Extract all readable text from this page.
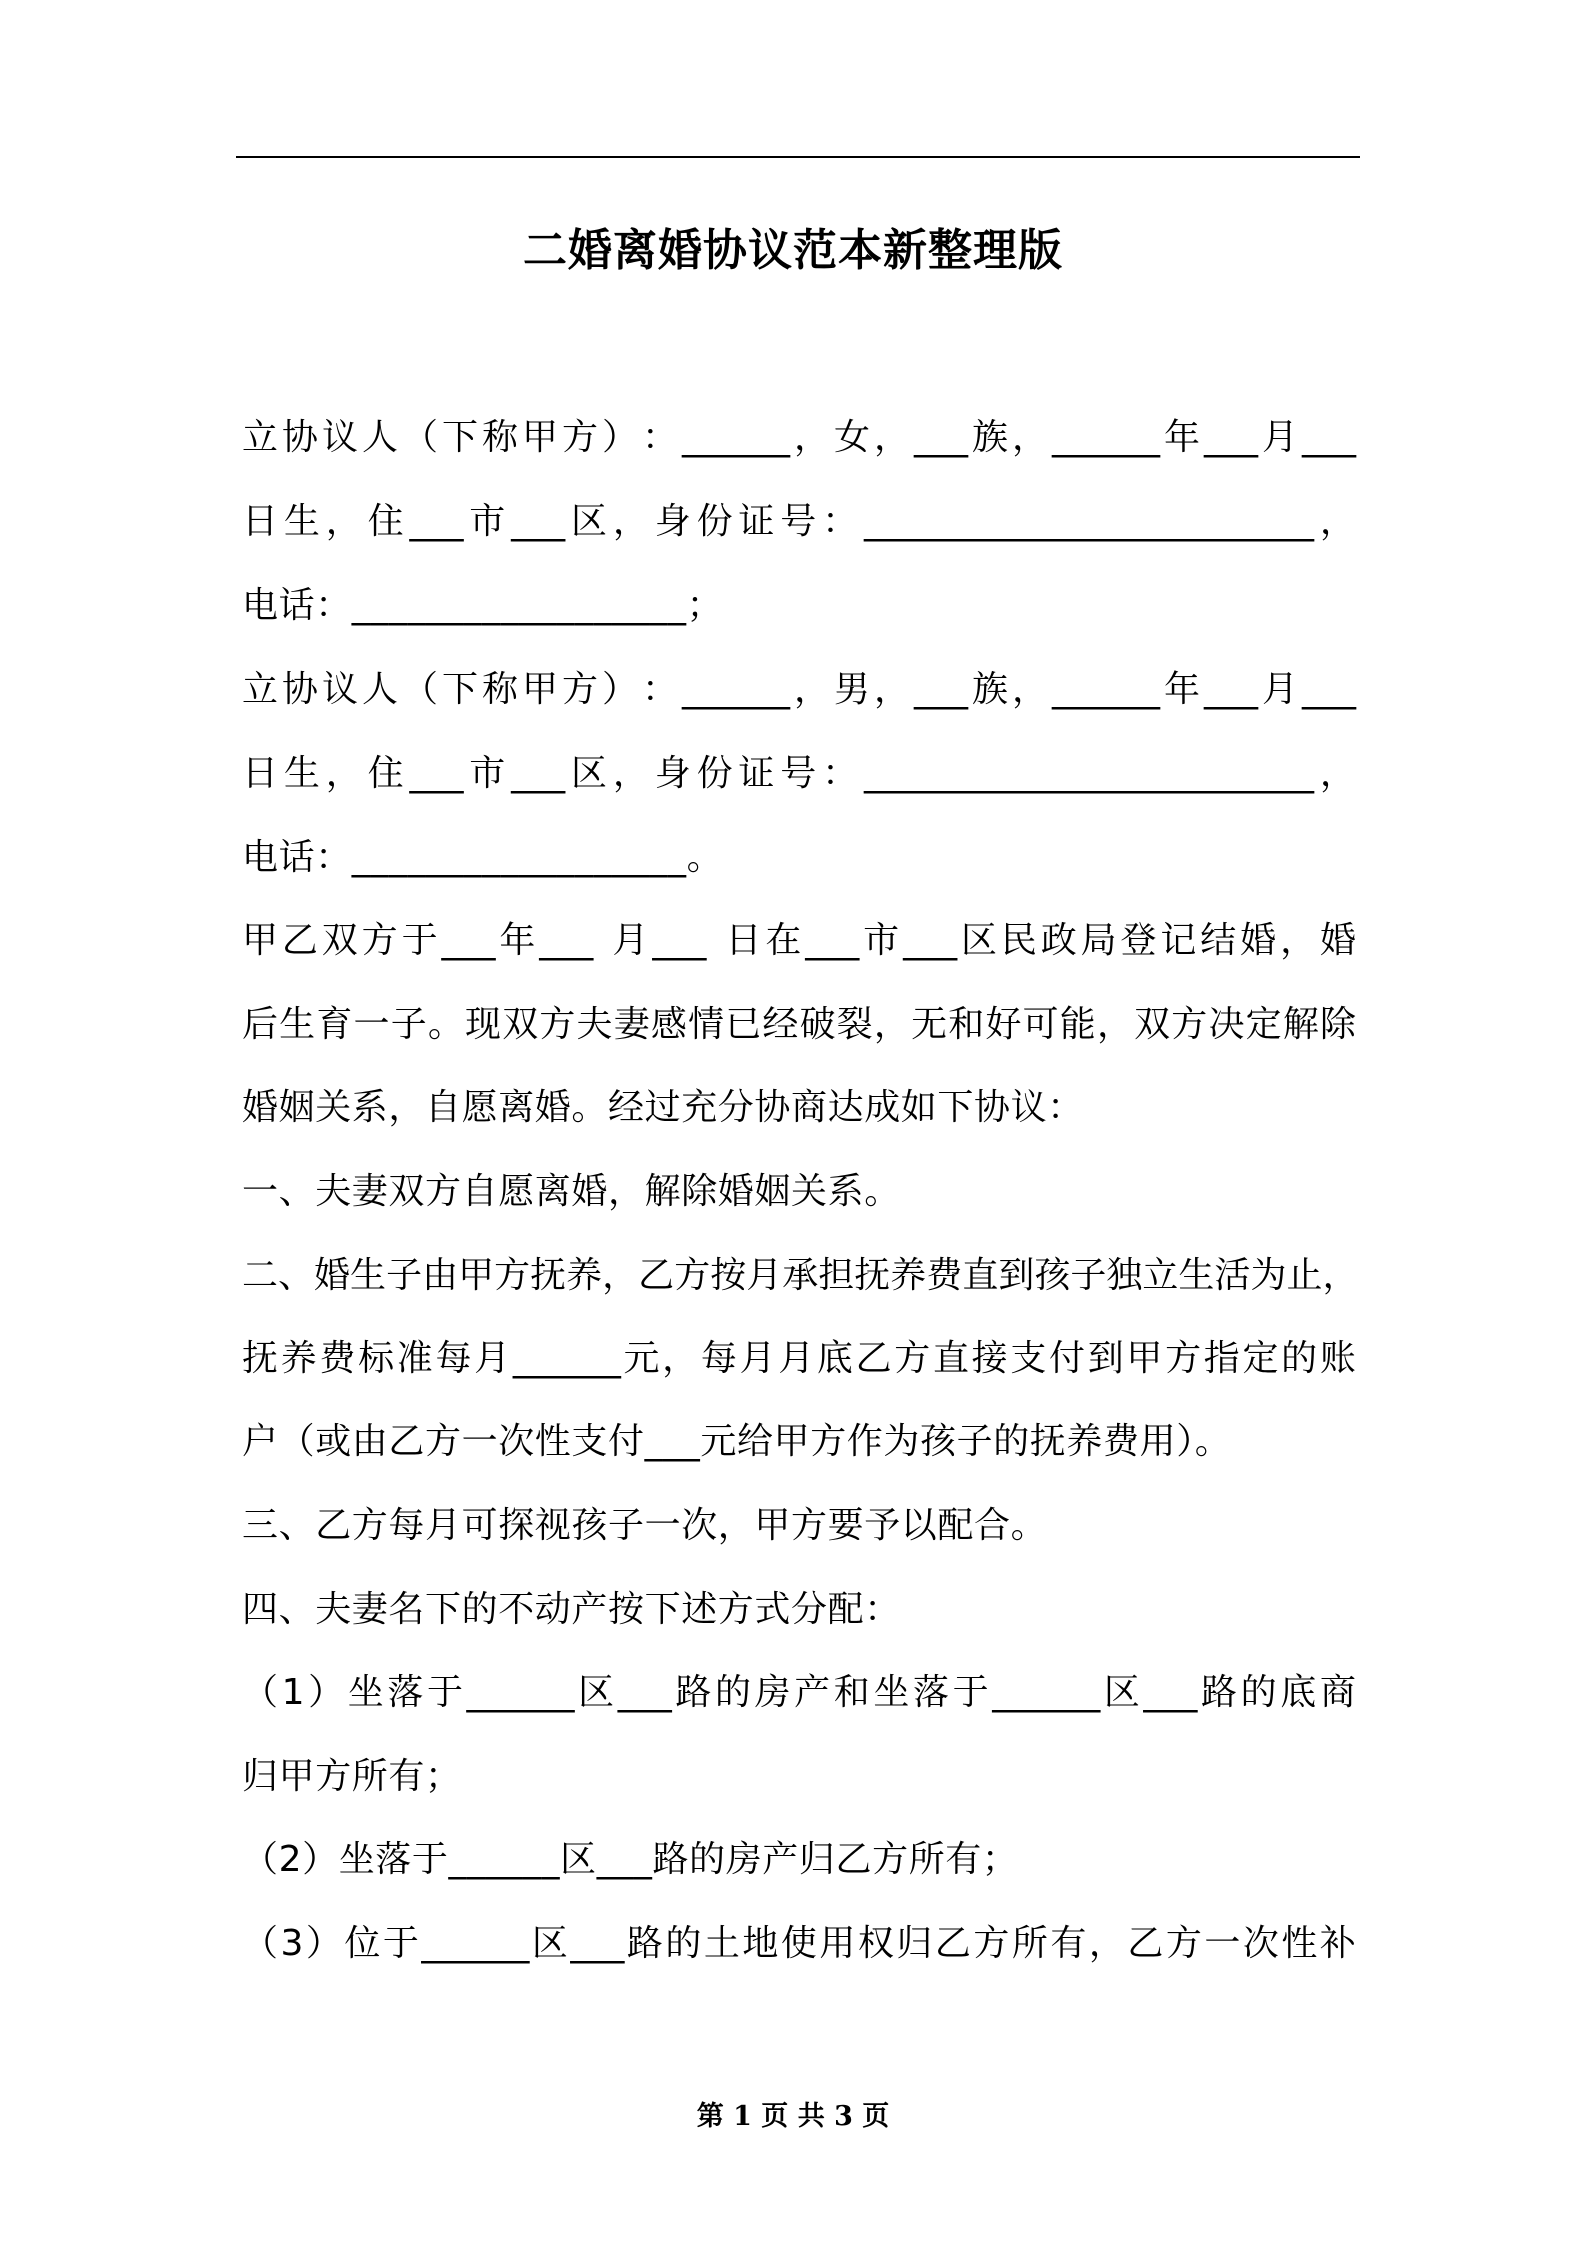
二婚离婚协议范本新整理版
立 协 议 人 （ 下 称 甲 方 ） ： ______ ， 女 ， ___ 族 ， ______ 年 ___ 月 ___
日 生 ， 住 ___ 市 ___ 区 ， 身 份 证 号 ： _________________________ ，
电话：__________________；
立 协 议 人 （ 下 称 甲 方 ） ： ______ ， 男 ， ___ 族 ， ______ 年 ___ 月 ___
日 生 ， 住 ___ 市 ___ 区 ， 身 份 证 号 ： _________________________ ，
电话：__________________。
甲 乙 双 方 于 ___ 年 ___
月 ___
日 在 ___ 市 ___ 区 民 政 局 登 记 结 婚 ， 婚
后 生 育 一 子 。 现 双 方 夫 妻 感 情 已 经 破 裂 ， 无 和 好 可 能 ， 双 方 决 定 解 除
婚姻关系，自愿离婚。经过充分协商达成如下协议：
一、夫妻双方自愿离婚，解除婚姻关系。
二 、 婚 生 子 由 甲 方 抚 养 ， 乙 方 按 月 承 担 抚 养 费 直 到 孩 子 独 立 生 活 为 止 ，
抚 养 费 标 准 每 月 ______ 元 ， 每 月 月 底 乙 方 直 接 支 付 到 甲 方 指 定 的 账
户（或由乙方一次性支付___元给甲方作为孩子的抚养费用）。
三、乙方每月可探视孩子一次，甲方要予以配合。
四、夫妻名下的不动产按下述方式分配：
（ 1 ） 坐 落 于 ______ 区 ___ 路 的 房 产 和 坐 落 于 ______ 区 ___ 路 的 底 商
归甲方所有；
（2）坐落于______区___路的房产归乙方所有；
（ 3 ） 位 于 ______ 区 ___ 路 的 土 地 使 用 权 归 乙 方 所 有 ， 乙 方 一 次 性 补
第 1 页 共 3 页
